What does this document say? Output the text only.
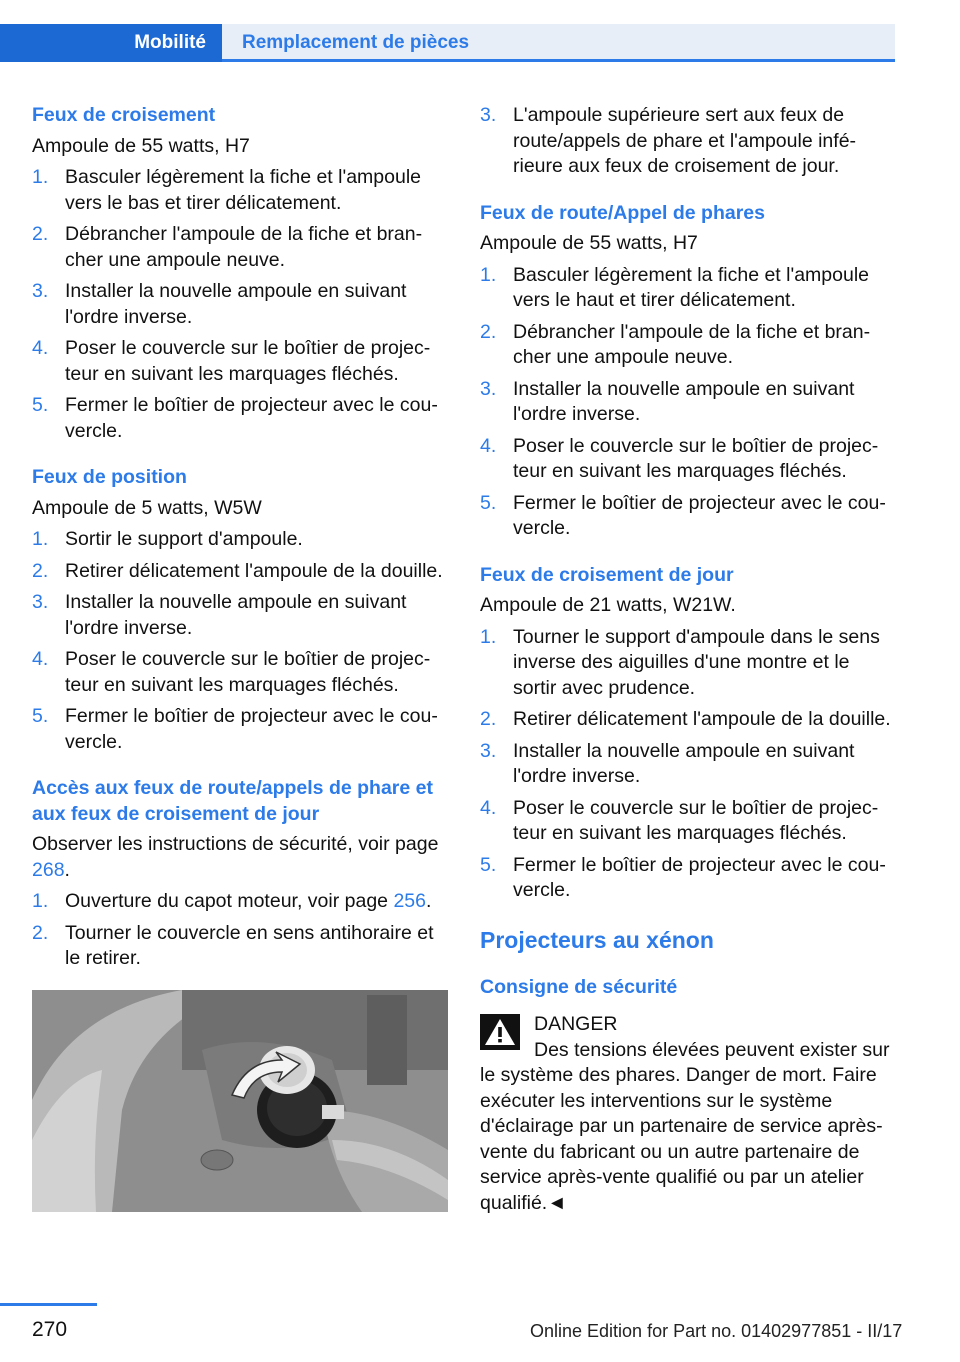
Mobilité	Remplacement de pièces
Feux de croisement
Ampoule de 55 watts, H7
1. Basculer légèrement la fiche et l'ampoule vers le bas et tirer délicatement.
2. Débrancher l'ampoule de la fiche et bran-cher une ampoule neuve.
3. Installer la nouvelle ampoule en suivant l'ordre inverse.
4. Poser le couvercle sur le boîtier de projec-teur en suivant les marquages fléchés.
5. Fermer le boîtier de projecteur avec le cou-vercle.
Feux de position
Ampoule de 5 watts, W5W
1. Sortir le support d'ampoule.
2. Retirer délicatement l'ampoule de la douille.
3. Installer la nouvelle ampoule en suivant l'ordre inverse.
4. Poser le couvercle sur le boîtier de projec-teur en suivant les marquages fléchés.
5. Fermer le boîtier de projecteur avec le cou-vercle.
Accès aux feux de route/appels de phare et aux feux de croisement de jour
Observer les instructions de sécurité, voir page 268.
1. Ouverture du capot moteur, voir page 256.
2. Tourner le couvercle en sens antihoraire et le retirer.
3. L'ampoule supérieure sert aux feux de route/appels de phare et l'ampoule infé-rieure aux feux de croisement de jour.
Feux de route/Appel de phares
Ampoule de 55 watts, H7
1. Basculer légèrement la fiche et l'ampoule vers le haut et tirer délicatement.
2. Débrancher l'ampoule de la fiche et bran-cher une ampoule neuve.
3. Installer la nouvelle ampoule en suivant l'ordre inverse.
4. Poser le couvercle sur le boîtier de projec-teur en suivant les marquages fléchés.
5. Fermer le boîtier de projecteur avec le cou-vercle.
Feux de croisement de jour
Ampoule de 21 watts, W21W.
1. Tourner le support d'ampoule dans le sens inverse des aiguilles d'une montre et le sortir avec prudence.
2. Retirer délicatement l'ampoule de la douille.
3. Installer la nouvelle ampoule en suivant l'ordre inverse.
4. Poser le couvercle sur le boîtier de projec-teur en suivant les marquages fléchés.
5. Fermer le boîtier de projecteur avec le cou-vercle.
Projecteurs au xénon
Consigne de sécurité
DANGER
Des tensions élevées peuvent exister sur
le système des phares. Danger de mort. Faire exécuter les interventions sur le système d'éclairage par un partenaire de service après-vente du fabricant ou un autre partenaire de service après-vente qualifié ou par un atelier qualifié.◄
270	Online Edition for Part no. 01402977851 - II/17
